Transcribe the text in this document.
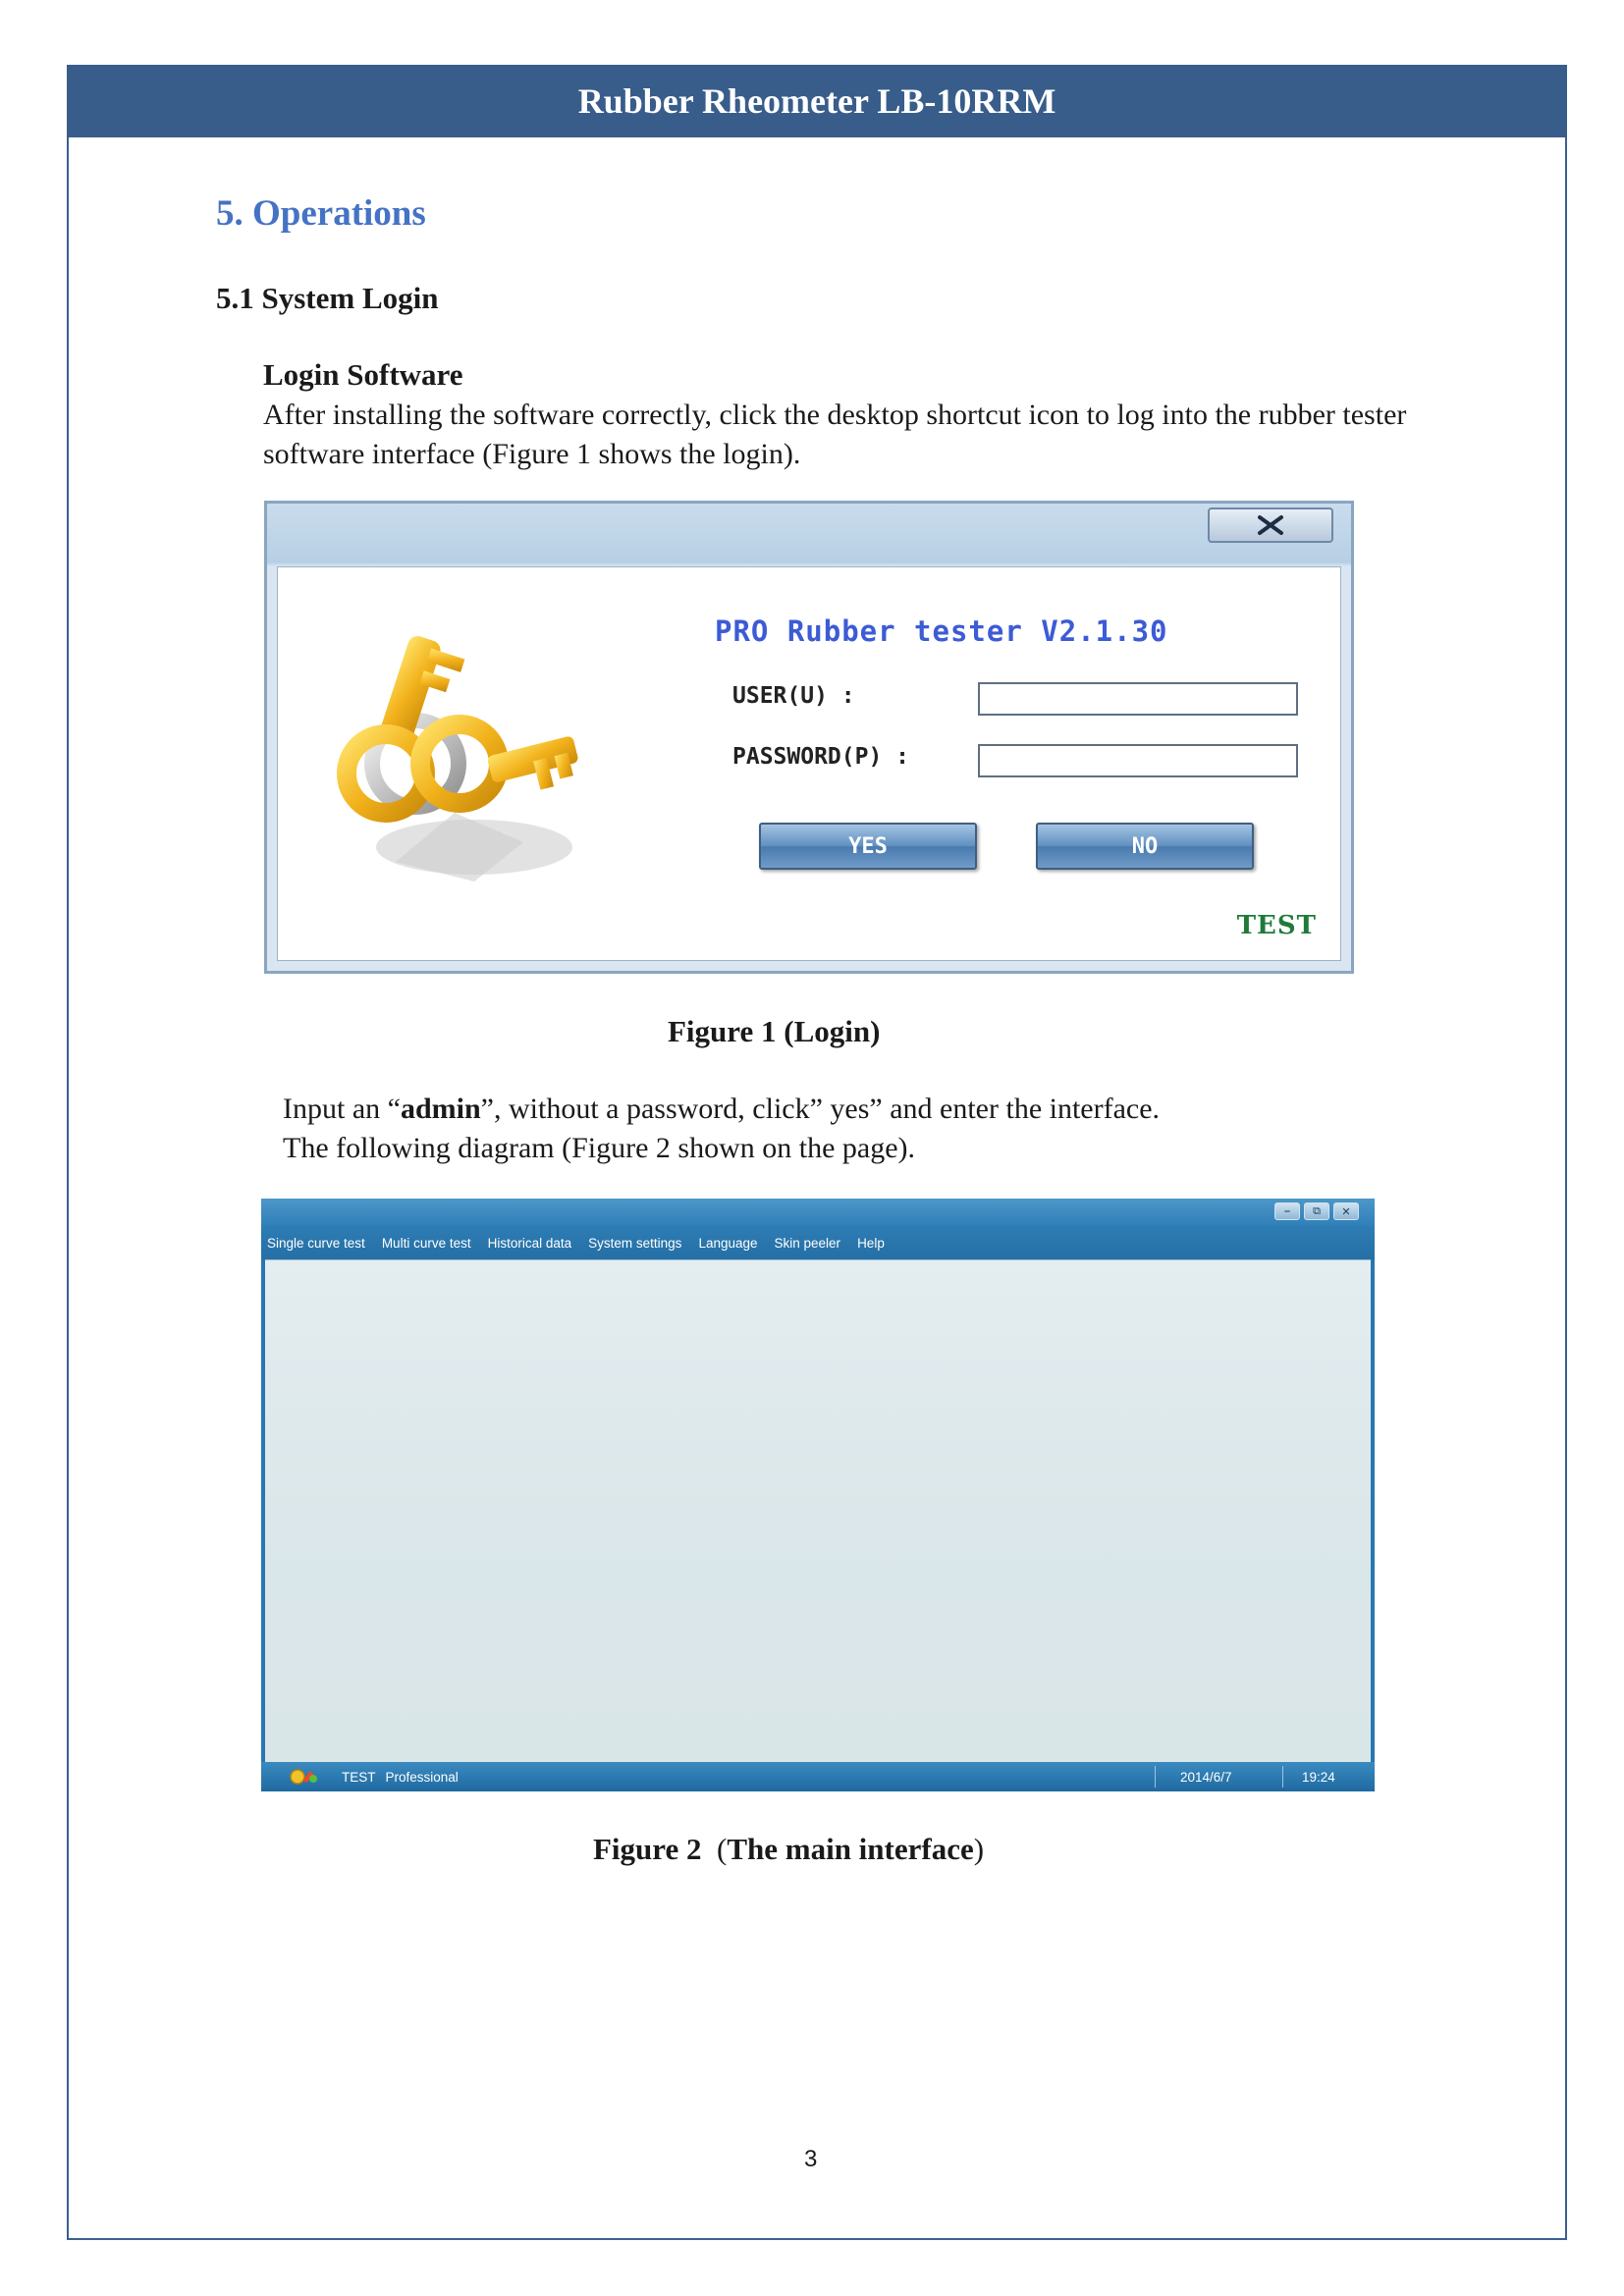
Rubber Rheometer LB-10RRM
5. Operations
5.1 System Login
Login Software
After installing the software correctly, click the desktop shortcut icon to log into the rubber tester software interface (Figure 1 shows the login).
PRO Rubber tester V2.1.30
USER(U) :
PASSWORD(P) :
YES	NO
TEST
Figure 1 (Login)
Input an “admin”, without a password, click” yes” and enter the interface.
The following diagram (Figure 2 shown on the page).
⎯ ⧉ ✕
Single curve test Multi curve test Historical data System settings Language Skin peeler Help
TEST Professional	2014/6/7	19:24
Figure 2 (The main interface)
3
